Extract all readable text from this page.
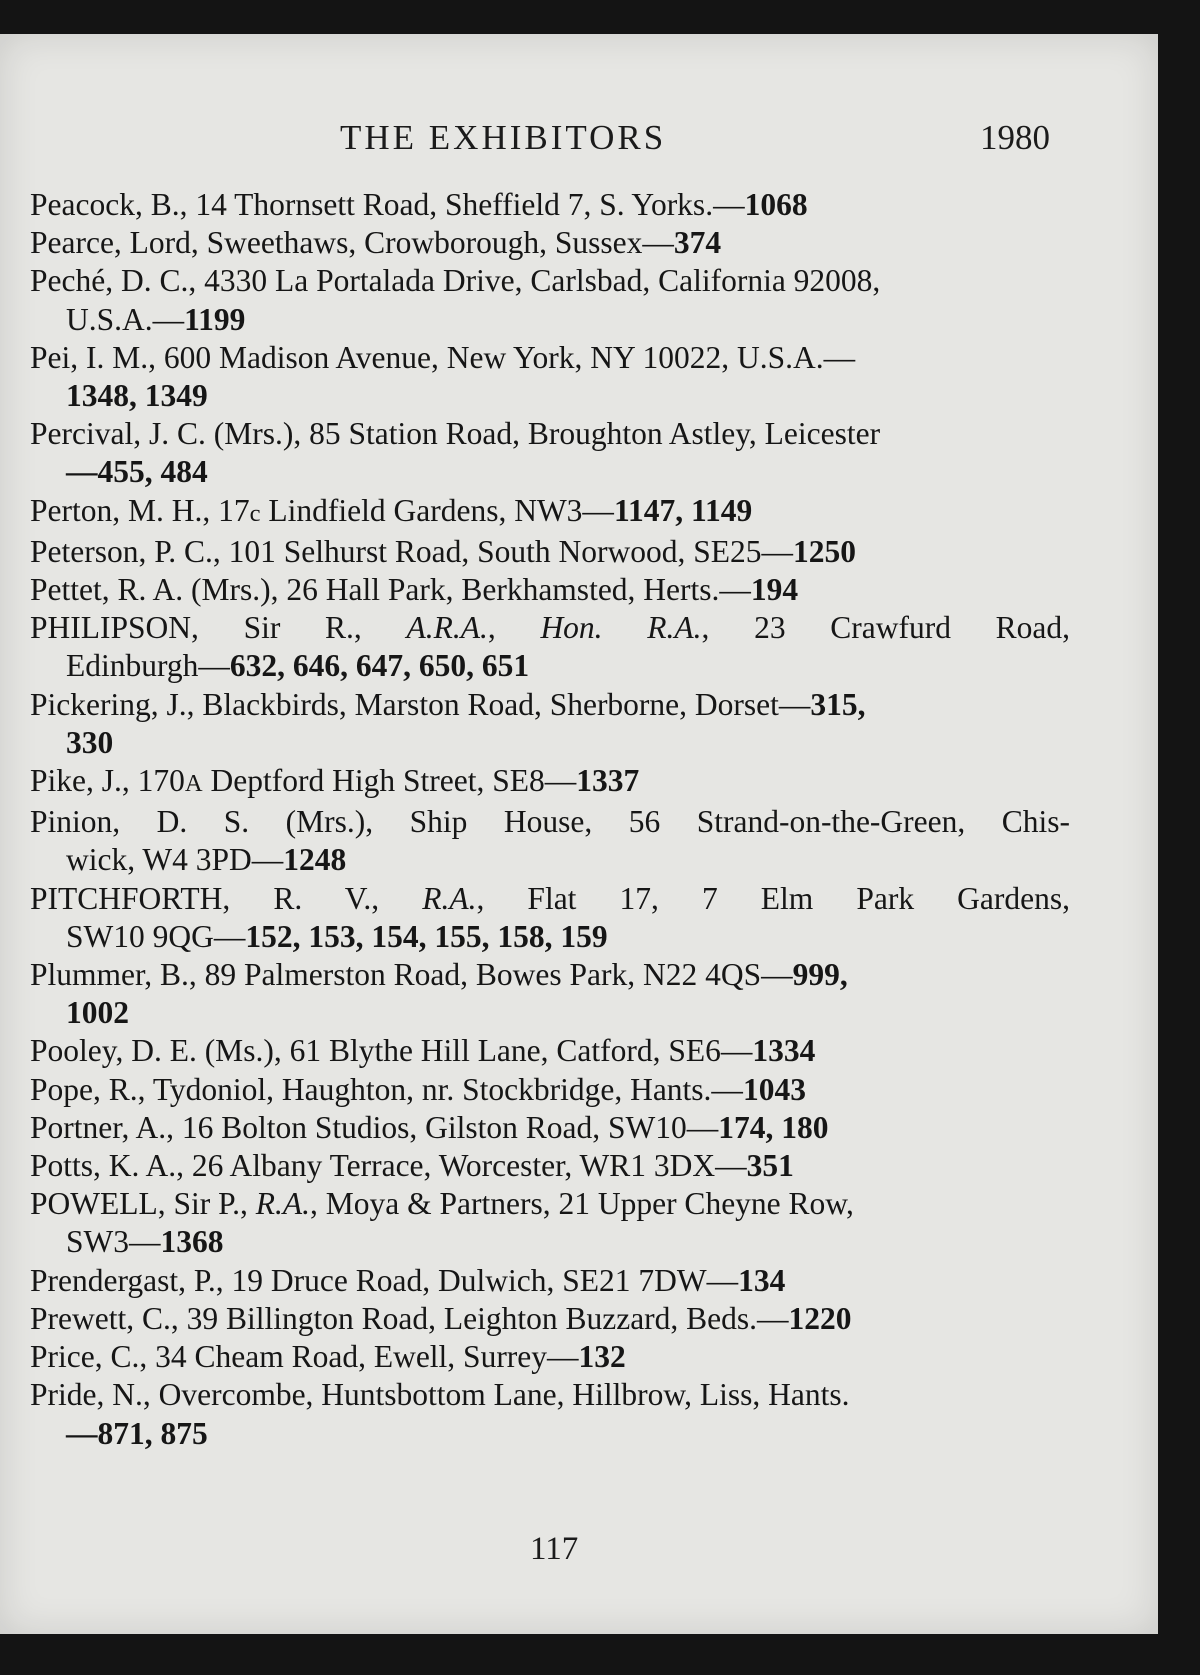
THE EXHIBITORS	1980
Peacock, B., 14 Thornsett Road, Sheffield 7, S. Yorks.—1068
Pearce, Lord, Sweethaws, Crowborough, Sussex—374
Peché, D. C., 4330 La Portalada Drive, Carlsbad, California 92008,
U.S.A.—1199
Pei, I. M., 600 Madison Avenue, New York, NY 10022, U.S.A.—
1348, 1349
Percival, J. C. (Mrs.), 85 Station Road, Broughton Astley, Leicester
—455, 484
Perton, M. H., 17c Lindfield Gardens, NW3—1147, 1149
Peterson, P. C., 101 Selhurst Road, South Norwood, SE25—1250
Pettet, R. A. (Mrs.), 26 Hall Park, Berkhamsted, Herts.—194
PHILIPSON, Sir R., A.R.A., Hon. R.A., 23 Crawfurd Road,
Edinburgh—632, 646, 647, 650, 651
Pickering, J., Blackbirds, Marston Road, Sherborne, Dorset—315,
330
Pike, J., 170A Deptford High Street, SE8—1337
Pinion, D. S. (Mrs.), Ship House, 56 Strand-on-the-Green, Chis-
wick, W4 3PD—1248
PITCHFORTH, R. V., R.A., Flat 17, 7 Elm Park Gardens,
SW10 9QG—152, 153, 154, 155, 158, 159
Plummer, B., 89 Palmerston Road, Bowes Park, N22 4QS—999,
1002
Pooley, D. E. (Ms.), 61 Blythe Hill Lane, Catford, SE6—1334
Pope, R., Tydoniol, Haughton, nr. Stockbridge, Hants.—1043
Portner, A., 16 Bolton Studios, Gilston Road, SW10—174, 180
Potts, K. A., 26 Albany Terrace, Worcester, WR1 3DX—351
POWELL, Sir P., R.A., Moya & Partners, 21 Upper Cheyne Row,
SW3—1368
Prendergast, P., 19 Druce Road, Dulwich, SE21 7DW—134
Prewett, C., 39 Billington Road, Leighton Buzzard, Beds.—1220
Price, C., 34 Cheam Road, Ewell, Surrey—132
Pride, N., Overcombe, Huntsbottom Lane, Hillbrow, Liss, Hants.
—871, 875
117
